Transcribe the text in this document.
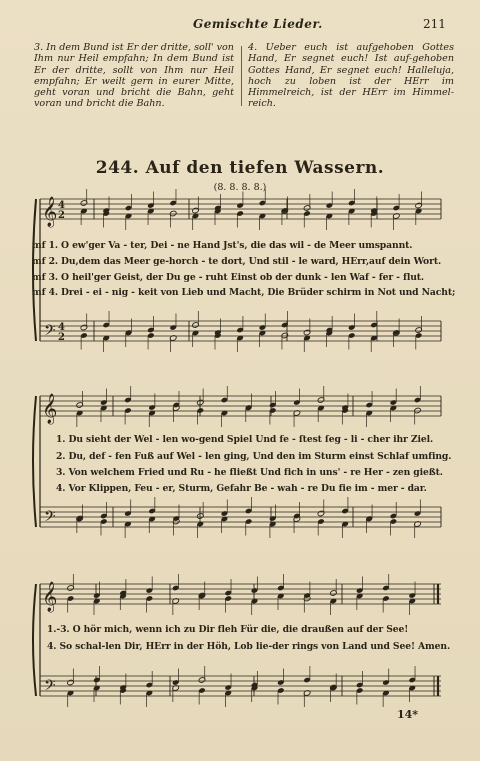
Gemischte Lieder.	211
3. In dem Bund ist Er der dritte, soll' von Ihm nur Heil empfahn; In dem Bund ist Er der dritte, sollt von Ihm nur Heil empfahn; Er weilt gern in eurer Mitte, geht voran und bricht die Bahn, geht voran und bricht die Bahn.
4. Ueber euch ist aufgehoben Gottes Hand, Er segnet euch! Ist auf-gehoben Gottes Hand, Er segnet euch! Halleluja, hoch zu loben ist der HErr im Himmelreich, ist der HErr im Himmel-reich.
244. Auf den tiefen Wassern.
(8. 8. 8. 8.)
𝄞
𝄞
𝄞
𝄢
𝄢
𝄢
4
2
4
2
mf 1. O ew'ger Va - ter, Dei - ne Hand Jst's, die das wil - de Meer umspannt.
mf 2. Du,dem das Meer ge-horch - te dort, Und stil - le ward, HErr,auf dein Wort.
mf 3. O heil'ger Geist, der Du ge - ruht Einst ob der dunk - len Waf - fer - flut.
mf 4. Drei - ei - nig - keit von Lieb und Macht, Die Brüder schirm in Not und Nacht;
1. Du sieht der Wel - len wo-gend Spiel Und fe - ſtest ſeg - li - cher ihr Ziel.
2. Du, def - fen Fuß auf Wel - len ging, Und den im Sturm einst Schlaf umfing.
3. Von welchem Fried und Ru - he fließt Und fich in uns' - re Her - zen gießt.
4. Vor Klippen, Feu - er, Sturm, Gefahr Be - wah - re Du fie im - mer - dar.
1.-3. O hör mich, wenn ich zu Dir fleh Für die, die draußen auf der See!
4. So schal-len Dir, HErr in der Höh, Lob lie-der rings von Land und See! Amen.
14*
